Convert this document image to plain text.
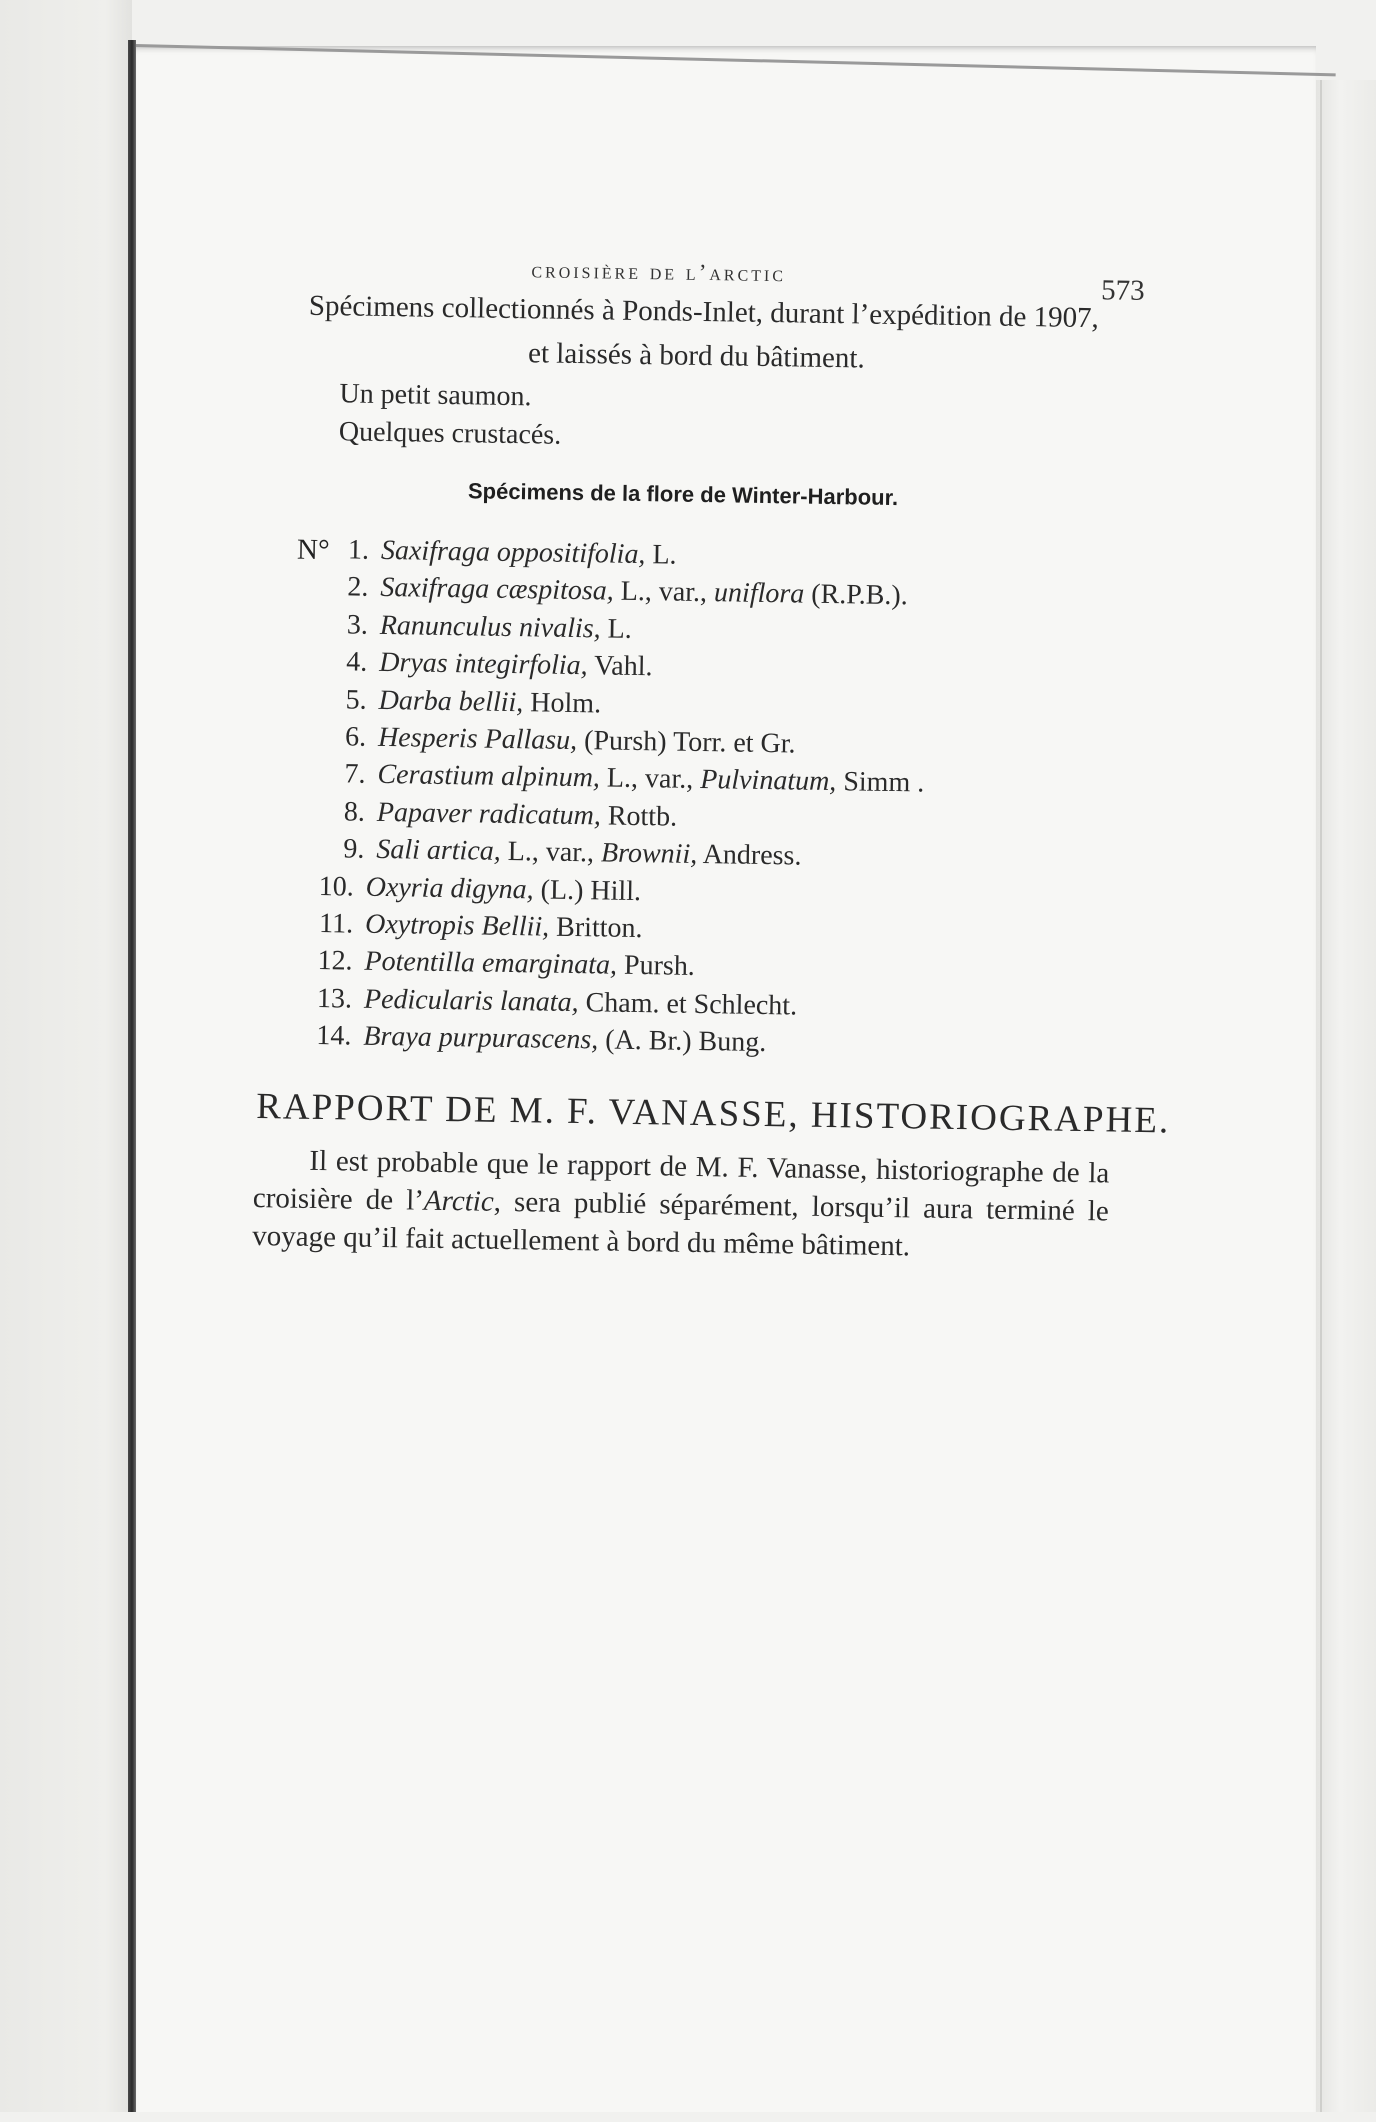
croisière de l’arctic
573
Spécimens collectionnés à Ponds-Inlet, durant l’expédition de 1907,
et laissés à bord du bâtiment.
Un petit saumon.
Quelques crustacés.
Spécimens de la flore de Winter-Harbour.
N° 1. Saxifraga oppositifolia, L.
2. Saxifraga cæspitosa, L., var., uniflora (R.P.B.).
3. Ranunculus nivalis, L.
4. Dryas integirfolia, Vahl.
5. Darba bellii, Holm.
6. Hesperis Pallasu, (Pursh) Torr. et Gr.
7. Cerastium alpinum, L., var., Pulvinatum, Simm .
8. Papaver radicatum, Rottb.
9. Sali artica, L., var., Brownii, Andress.
10. Oxyria digyna, (L.) Hill.
11. Oxytropis Bellii, Britton.
12. Potentilla emarginata, Pursh.
13. Pedicularis lanata, Cham. et Schlecht.
14. Braya purpurascens, (A. Br.) Bung.
RAPPORT DE M. F. VANASSE, HISTORIOGRAPHE.
Il est probable que le rapport de M. F. Vanasse, historiographe de la croisière de l’Arctic, sera publié séparément, lorsqu’il aura terminé le voyage qu’il fait actuellement à bord du même bâtiment.
